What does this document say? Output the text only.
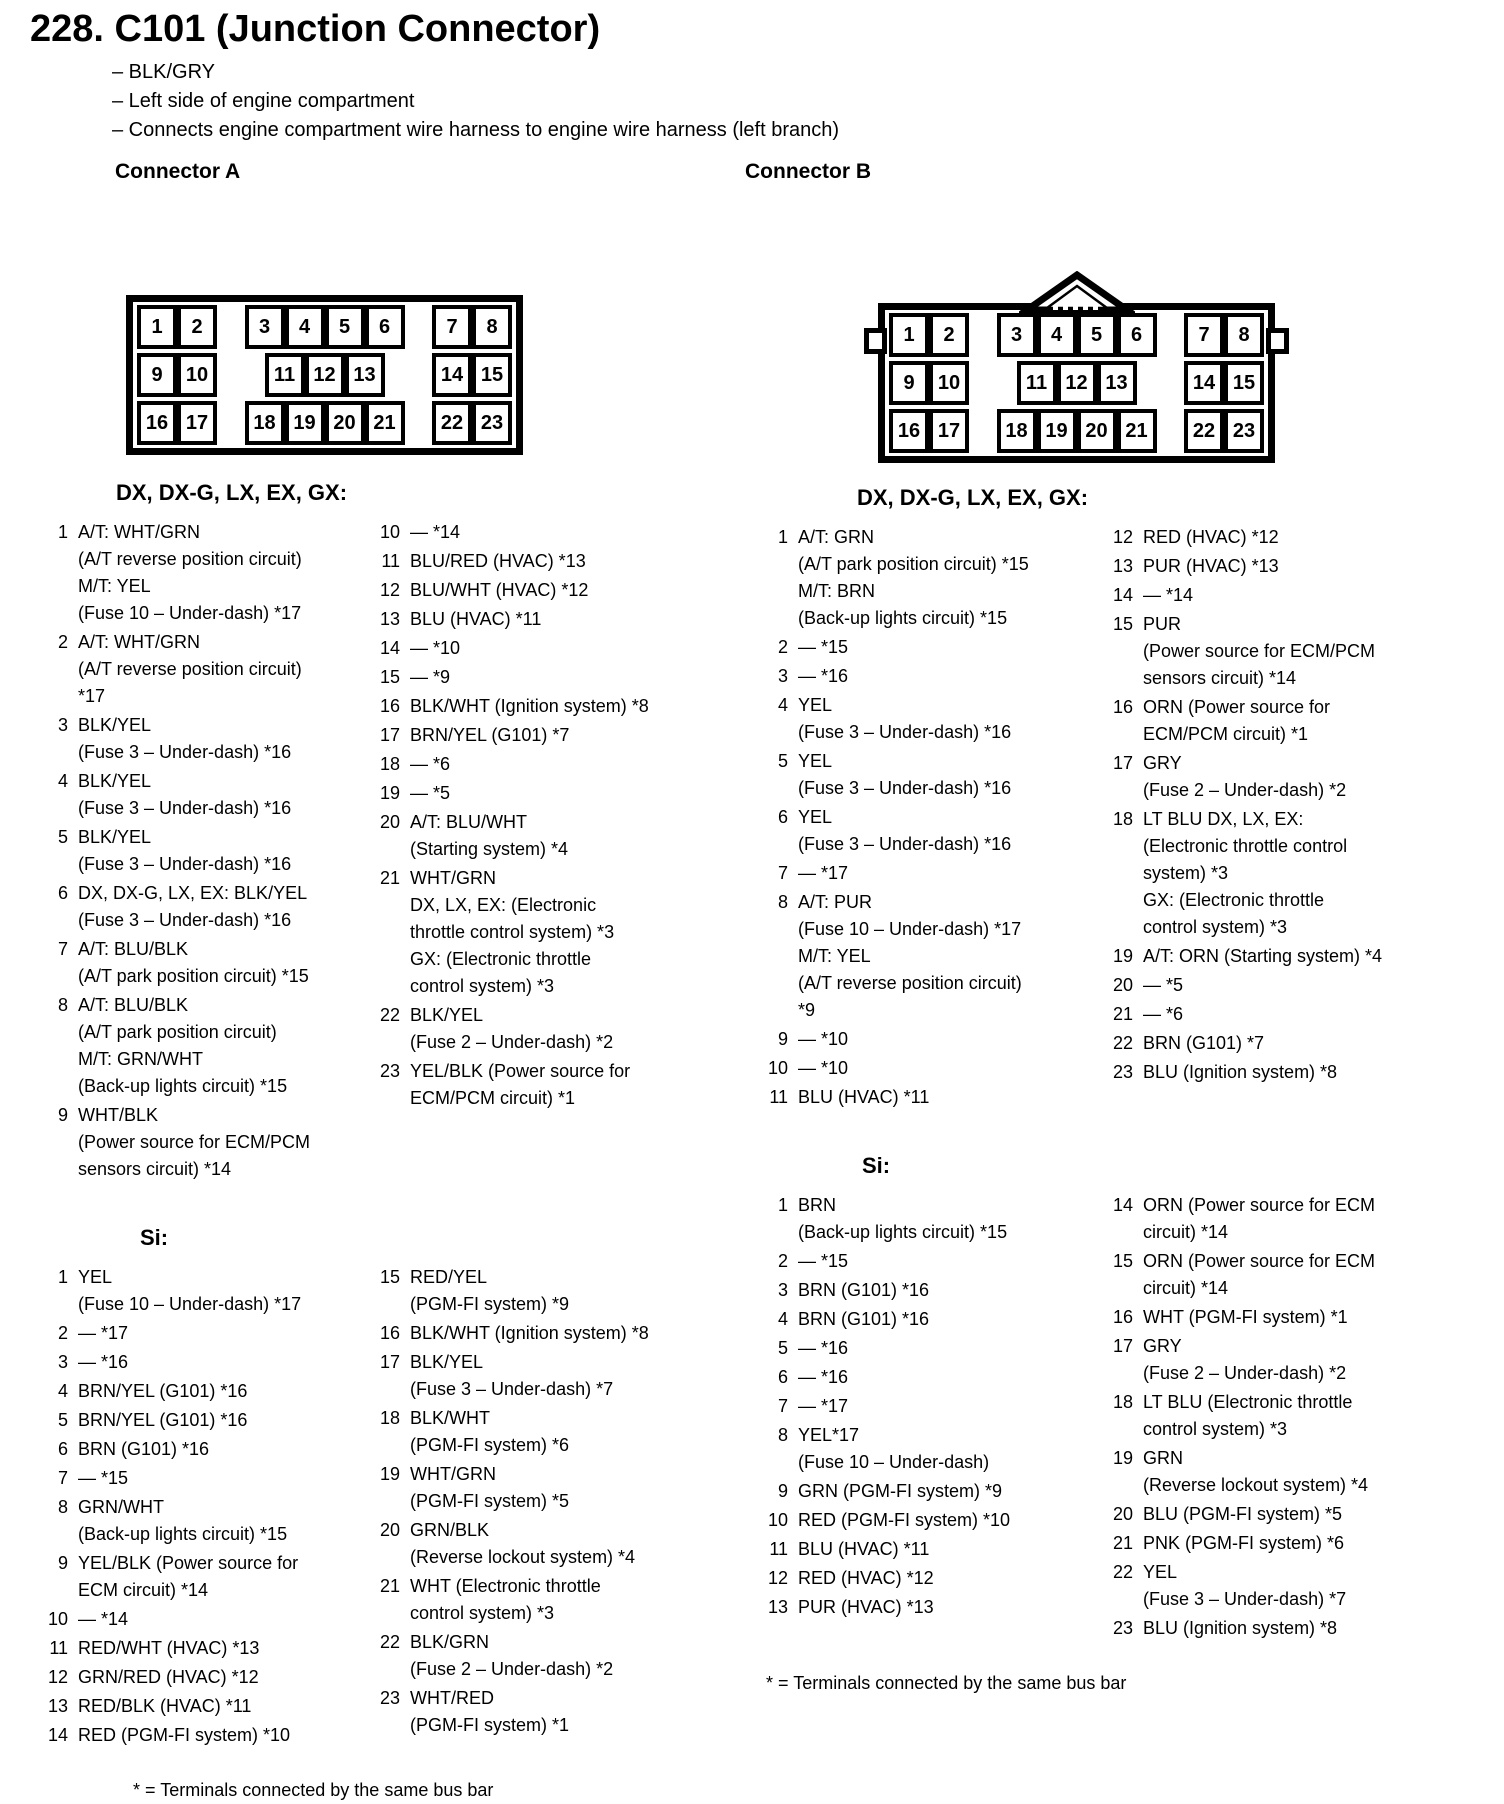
228. C101 (Junction Connector)
– BLK/GRY
– Left side of engine compartment
– Connects engine compartment wire harness to engine wire harness (left branch)
Connector A	Connector B
1	2	3	4	5	6	7	8
9	10	11 12 13	14 15
16 17	18 19 20 21	22 23
1	2	3	4	5	6	7	8
9	10	11 12 13	14 15
16 17	18 19 20 21	22 23
DX, DX-G, LX, EX, GX:
1 A/T: WHT/GRN
(A/T reverse position circuit)
M/T: YEL
(Fuse 10 – Under-dash) *17
2 A/T: WHT/GRN
(A/T reverse position circuit)
*17
3 BLK/YEL
(Fuse 3 – Under-dash) *16
4 BLK/YEL
(Fuse 3 – Under-dash) *16
5 BLK/YEL
(Fuse 3 – Under-dash) *16
6 DX, DX-G, LX, EX: BLK/YEL
(Fuse 3 – Under-dash) *16
7 A/T: BLU/BLK
(A/T park position circuit) *15
8 A/T: BLU/BLK
(A/T park position circuit)
M/T: GRN/WHT
(Back-up lights circuit) *15
9 WHT/BLK
(Power source for ECM/PCM
sensors circuit) *14
10 — *14
11 BLU/RED (HVAC) *13
12 BLU/WHT (HVAC) *12
13 BLU (HVAC) *11
14 — *10
15 — *9
16 BLK/WHT (Ignition system) *8
17 BRN/YEL (G101) *7
18 — *6
19 — *5
20 A/T: BLU/WHT
(Starting system) *4
21 WHT/GRN
DX, LX, EX: (Electronic
throttle control system) *3
GX: (Electronic throttle
control system) *3
22 BLK/YEL
(Fuse 2 – Under-dash) *2
23 YEL/BLK (Power source for
ECM/PCM circuit) *1
Si:
1 YEL
(Fuse 10 – Under-dash) *17
2 — *17
3 — *16
4 BRN/YEL (G101) *16
5 BRN/YEL (G101) *16
6 BRN (G101) *16
7 — *15
8 GRN/WHT
(Back-up lights circuit) *15
9 YEL/BLK (Power source for
ECM circuit) *14
10 — *14
11 RED/WHT (HVAC) *13
12 GRN/RED (HVAC) *12
13 RED/BLK (HVAC) *11
14 RED (PGM-FI system) *10
15 RED/YEL
(PGM-FI system) *9
16 BLK/WHT (Ignition system) *8
17 BLK/YEL
(Fuse 3 – Under-dash) *7
18 BLK/WHT
(PGM-FI system) *6
19 WHT/GRN
(PGM-FI system) *5
20 GRN/BLK
(Reverse lockout system) *4
21 WHT (Electronic throttle
control system) *3
22 BLK/GRN
(Fuse 2 – Under-dash) *2
23 WHT/RED
(PGM-FI system) *1
* = Terminals connected by the same bus bar
DX, DX-G, LX, EX, GX:
1 A/T: GRN
(A/T park position circuit) *15
M/T: BRN
(Back-up lights circuit) *15
2 — *15
3 — *16
4 YEL
(Fuse 3 – Under-dash) *16
5 YEL
(Fuse 3 – Under-dash) *16
6 YEL
(Fuse 3 – Under-dash) *16
7 — *17
8 A/T: PUR
(Fuse 10 – Under-dash) *17
M/T: YEL
(A/T reverse position circuit)
*9
9 — *10
10 — *10
11 BLU (HVAC) *11
12 RED (HVAC) *12
13 PUR (HVAC) *13
14 — *14
15 PUR
(Power source for ECM/PCM
sensors circuit) *14
16 ORN (Power source for
ECM/PCM circuit) *1
17 GRY
(Fuse 2 – Under-dash) *2
18 LT BLU DX, LX, EX:
(Electronic throttle control
system) *3
GX: (Electronic throttle
control system) *3
19 A/T: ORN (Starting system) *4
20 — *5
21 — *6
22 BRN (G101) *7
23 BLU (Ignition system) *8
Si:
1 BRN
(Back-up lights circuit) *15
2 — *15
3 BRN (G101) *16
4 BRN (G101) *16
5 — *16
6 — *16
7 — *17
8 YEL*17
(Fuse 10 – Under-dash)
9 GRN (PGM-FI system) *9
10 RED (PGM-FI system) *10
11 BLU (HVAC) *11
12 RED (HVAC) *12
13 PUR (HVAC) *13
14 ORN (Power source for ECM
circuit) *14
15 ORN (Power source for ECM
circuit) *14
16 WHT (PGM-FI system) *1
17 GRY
(Fuse 2 – Under-dash) *2
18 LT BLU (Electronic throttle
control system) *3
19 GRN
(Reverse lockout system) *4
20 BLU (PGM-FI system) *5
21 PNK (PGM-FI system) *6
22 YEL
(Fuse 3 – Under-dash) *7
23 BLU (Ignition system) *8
* = Terminals connected by the same bus bar
